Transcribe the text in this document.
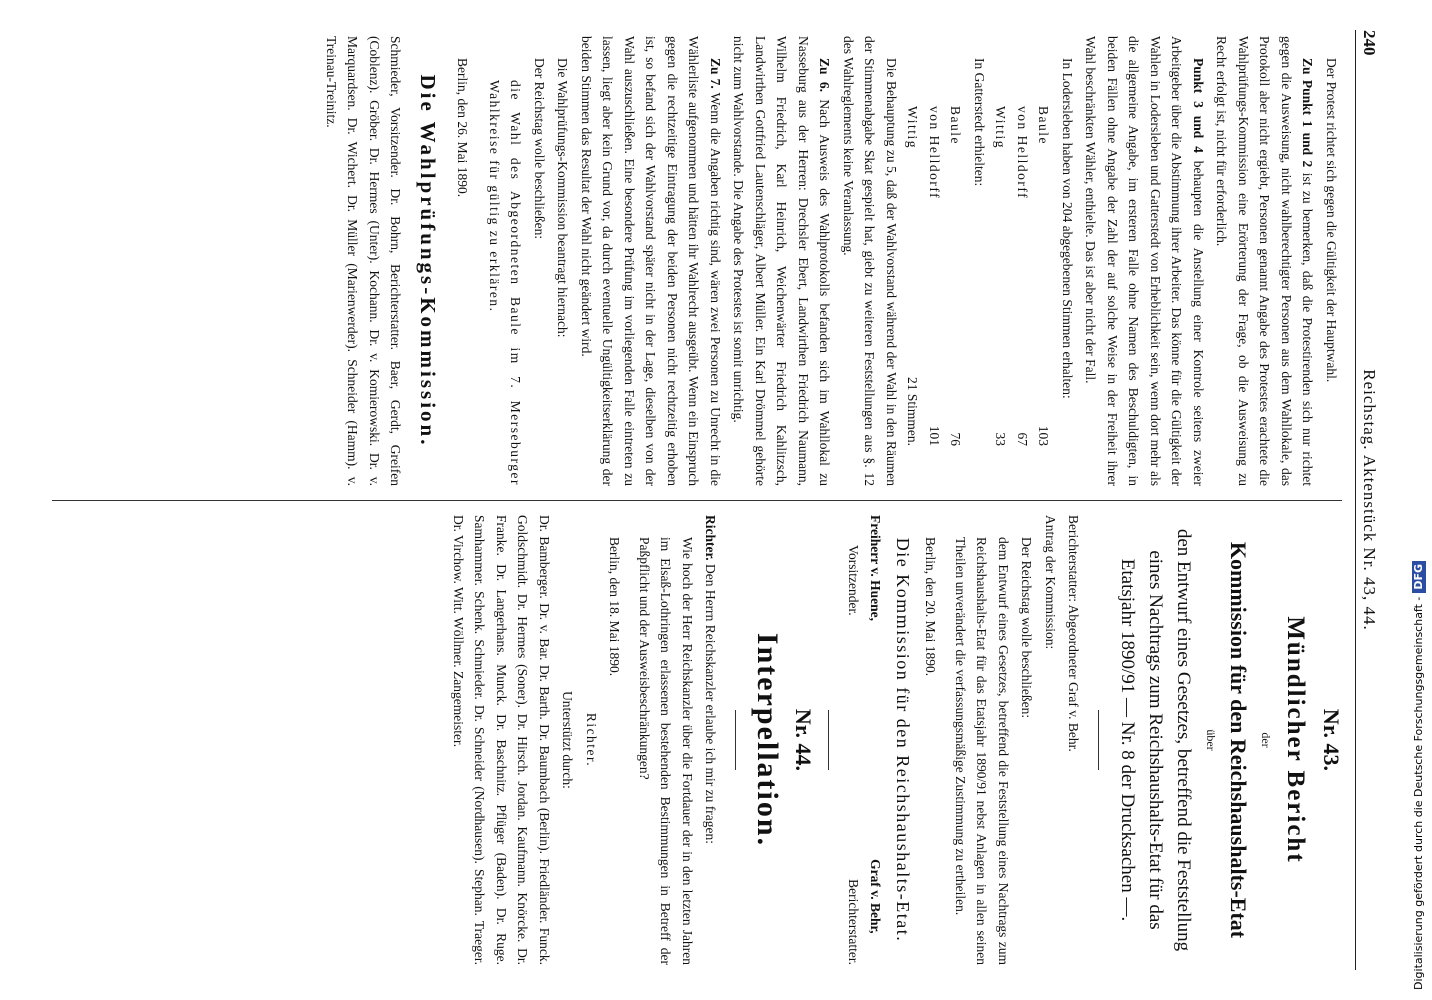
240
Reichstag. Aktenstück Nr. 43, 44.

Der Protest richtet sich gegen die Gültigkeit der Hauptwahl.

Zu Punkt 1 und 2 ist zu bemerken, daß die Protestirenden sich nur richtet gegen die Ausweisung, nicht wahlberechtigter Personen aus dem Wahllokale, das Protokoll aber nicht ergiebt, Personen genannt Angabe des Protestes erachtete die Wahlprüfungs-Kommission eine Erörterung der Frage, ob die Ausweisung zu Recht erfolgt ist, nicht für erforderlich.

Punkt 3 und 4 behaupten die Anstellung einer Kontrole seitens zweier Arbeitgeber über die Abstimmung ihrer Arbeiter. Das könne für die Gültigkeit der Wahlen in Lodersleben und Gatterstedt von Erheblichkeit sein, wenn dort mehr als die allgemeine Angabe, im ersteren Falle ohne Namen des Beschuldigten, in beiden Fällen ohne Angabe der Zahl der auf solche Weise in der Freiheit ihrer Wahl beschränkten Wähler, enthielte. Das ist aber nicht der Fall.

In Lodersleben haben von 204 abgegebenen Stimmen erhalten:

Baule
103
von Helldorff
67
Wittig
33

In Gatterstedt erhielten:

Baule
76
von Helldorff
101
Wittig
21 Stimmen.

Die Behauptung zu 5, daß der Wahlvorstand während der Wahl in den Räumen der Stimmenabgabe Skat gespielt hat, giebt zu weiteren Feststellungen aus §. 12 des Wahlreglements keine Veranlassung.

Zu 6. Nach Ausweis des Wahlprotokolls befanden sich im Wahllokal zu Nasseburg aus der Herren: Drechsler Ebert, Landwirthen Friedrich Naumann, Wilhelm Friedrich, Karl Heinrich, Weichenwärter Friedrich Kahlitzsch, Landwirthen Gottfried Lautenschläger, Albert Müller. Ein Karl Drömmel gehörte nicht zum Wahlvorstande. Die Angabe des Protestes ist somit unrichtig.

Zu 7. Wenn die Angaben richtig sind, wären zwei Personen zu Unrecht in die Wählerliste aufgenommen und hätten ihr Wahlrecht ausgeübt. Wenn ein Einspruch gegen die rechtzeitige Eintragung der beiden Personen nicht rechtzeitig erhoben ist, so befand sich der Wahlvorstand später nicht in der Lage, dieselben von der Wahl auszuschließen. Eine besondere Prüfung im vorliegenden Falle eintreten zu lassen, liegt aber kein Grund vor, da durch eventuelle Ungültigkeitserklärung der beiden Stimmen das Resultat der Wahl nicht geändert wird.

Die Wahlprüfungs-Kommission beantragt hiernach:

Der Reichstag wolle beschließen:

die Wahl des Abgeordneten Baule im 7. Merseburger Wahlkreise für gültig zu erklären.

Berlin, den 26. Mai 1890.

Die Wahlprüfungs-Kommission.

Schmieder, Vorsitzender. Dr. Bohrn, Berichterstatter. Baer, Gerdt, Greifen (Coblenz). Gröber. Dr. Hermes (Unter). Kochann. Dr. v. Komierowski. Dr. v. Marquardsen. Dr. Wichert. Dr. Müller (Marienwerder). Schneider (Hamm). v. Treinau-Treinitz.

Nr. 43.

Mündlicher Bericht

der

Kommission für den Reichshaushalts-Etat

über

den Entwurf eines Gesetzes, betreffend die Feststellung eines Nachtrags zum Reichshaushalts-Etat für das Etatsjahr 1890/91 — Nr. 8 der Drucksachen —.

Berichterstatter: Abgeordneter Graf v. Behr.

Antrag der Kommission:

Der Reichstag wolle beschließen:

dem Entwurf eines Gesetzes, betreffend die Feststellung eines Nachtrags zum Reichshaushalts-Etat für das Etatsjahr 1890/91 nebst Anlagen in allen seinen Theilen unverändert die verfassungsmäßige Zustimmung zu ertheilen.

Berlin, den 20. Mai 1890.

Die Kommission für den Reichshaushalts-Etat.

Freiherr v. Huene,
Vorsitzender.
Graf v. Behr,
Berichterstatter.

Nr. 44.

Interpellation.

Richter. Den Herrn Reichskanzler erlaube ich mir zu fragen:

Wie hoch der Herr Reichskanzler über die Fortdauer der in den letzten Jahren im Elsaß-Lothringen erlassenen bestehenden Bestimmungen in Betreff der Paßpflicht und der Ausweisbeschränkungen?

Berlin, den 18. Mai 1890.

Richter.

Unterstützt durch:

Dr. Bamberger. Dr. v. Bar. Dr. Barth. Dr. Baumbach (Berlin). Friedländer. Funck. Goldschmidt. Dr. Hermes (Soner). Dr. Hirsch. Jordan. Kaufmann. Knörcke. Dr. Franke. Dr. Langerhans. Munck. Dr. Baschnitz. Pflüger (Baden). Dr. Ruge. Samhammer. Schenk. Schmieder. Dr. Schneider (Nordhausen). Stephan. Traeger. Dr. Virchow. Witt. Wöllmer. Zangemeister.	Digitalisierung gefördert durch die Deutsche Forschungsgemeinschaft -DFG
